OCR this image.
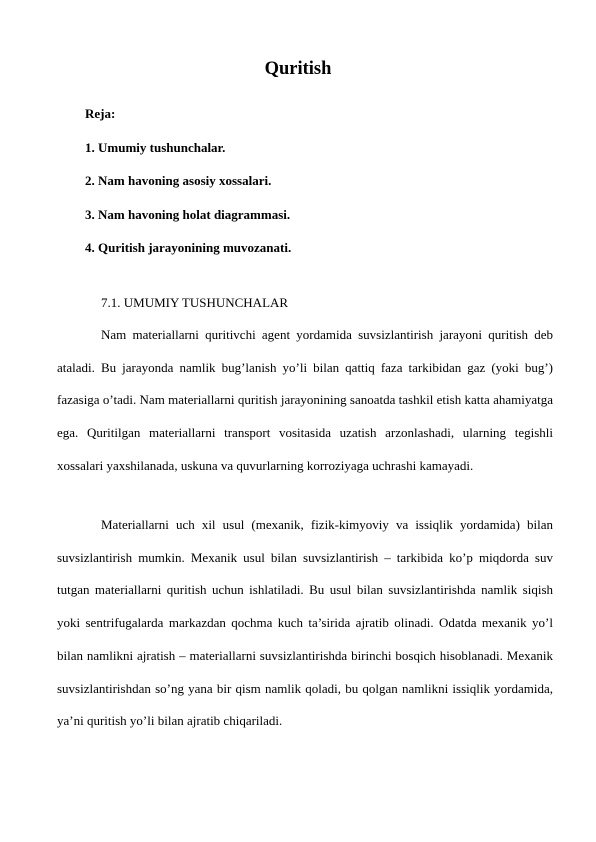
Quritish
Reja:
1. Umumiy tushunchalar.
2. Nam havoning asosiy xossalari.
3. Nam havoning holat diagrammasi.
4. Quritish jarayonining muvozanati.
7.1. UMUMIY TUSHUNCHALAR

Nam materiallarni quritivchi agent yordamida suvsizlantirish jarayoni quritish deb ataladi. Bu jarayonda namlik bug’lanish yo’li bilan qattiq faza tarkibidan gaz (yoki bug’) fazasiga o’tadi. Nam materiallarni quritish jarayonining sanoatda tashkil etish katta ahamiyatga ega. Quritilgan materiallarni transport vositasida uzatish arzonlashadi, ularning tegishli xossalari yaxshilanada, uskuna va quvurlarning korroziyaga uchrashi kamayadi.

Materiallarni uch xil usul (mexanik, fizik-kimyoviy va issiqlik yordamida) bilan suvsizlantirish mumkin. Mexanik usul bilan suvsizlantirish – tarkibida ko’p miqdorda suv tutgan materiallarni quritish uchun ishlatiladi. Bu usul bilan suvsizlantirishda namlik siqish yoki sentrifugalarda markazdan qochma kuch ta’sirida ajratib olinadi. Odatda mexanik yo’l bilan namlikni ajratish – materiallarni suvsizlantirishda birinchi bosqich hisoblanadi. Mexanik suvsizlantirishdan so’ng yana bir qism namlik qoladi, bu qolgan namlikni issiqlik yordamida, ya’ni quritish yo’li bilan ajratib chiqariladi.
